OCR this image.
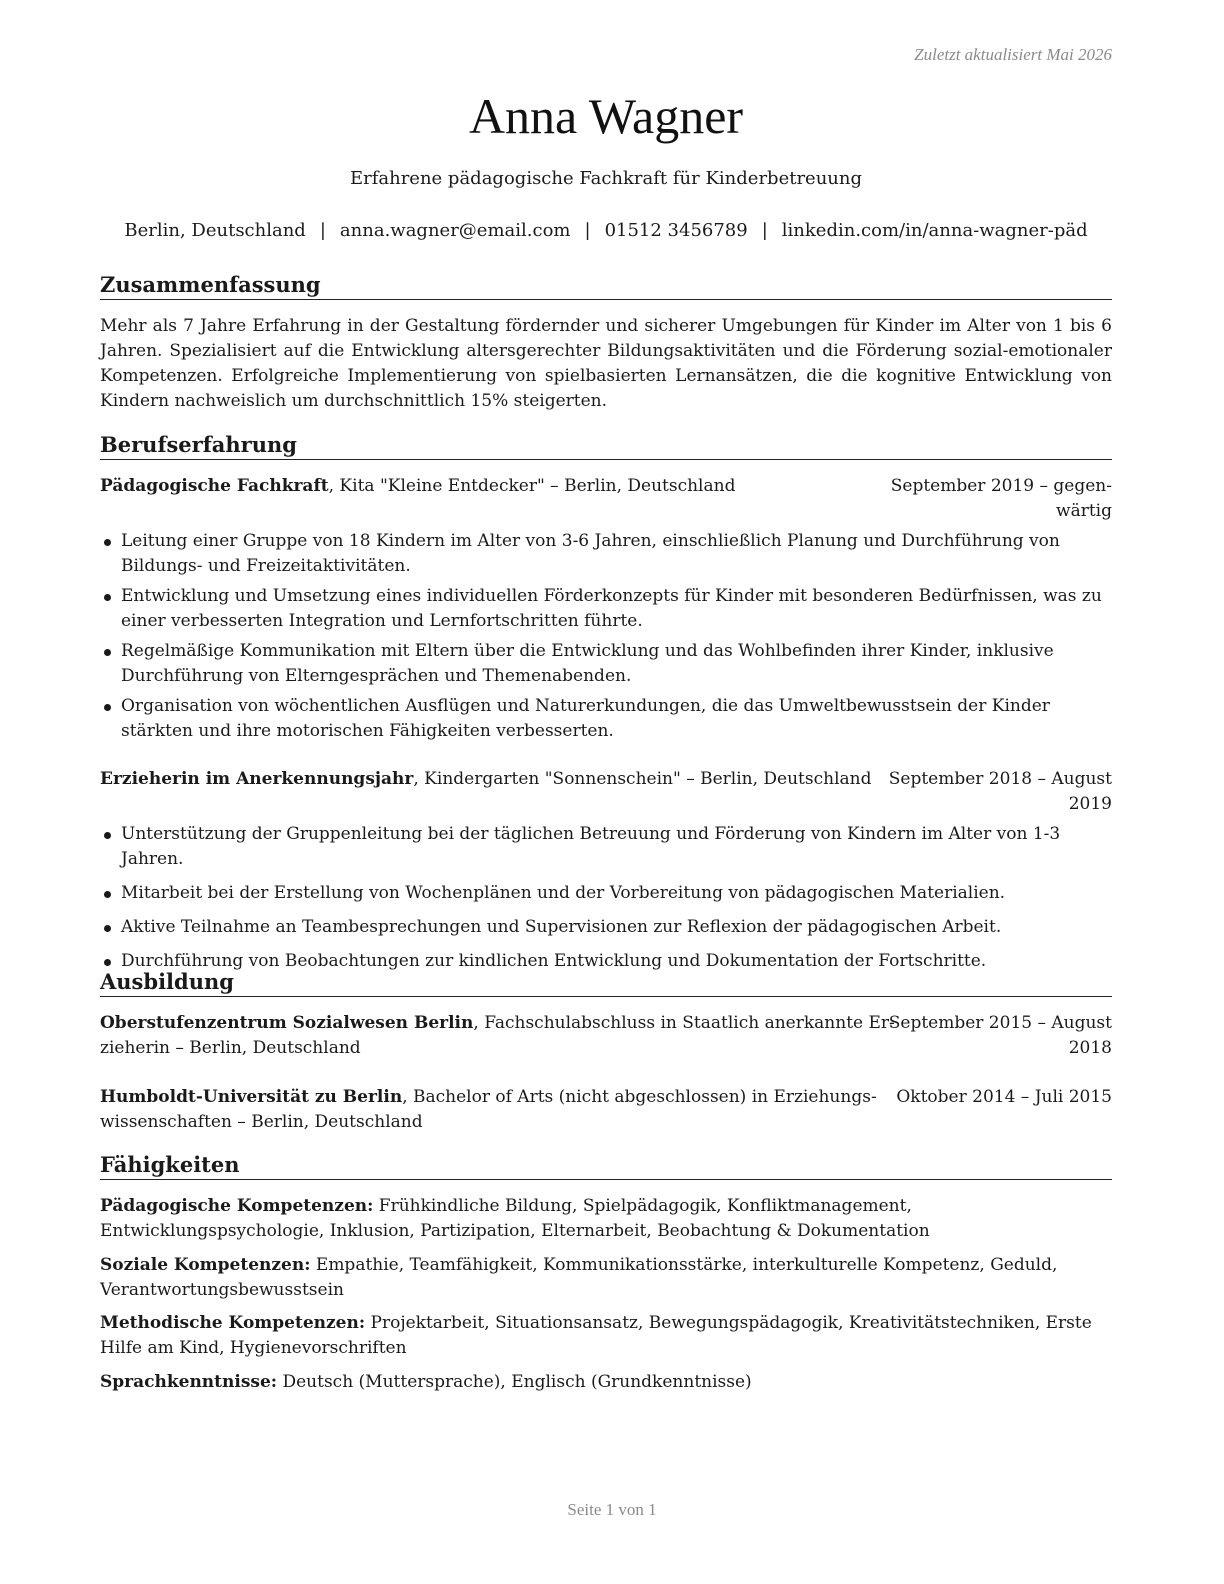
Zuletzt aktualisiert Mai 2026
Anna Wagner
Erfahrene pädagogische Fachkraft für Kinderbetreuung
Berlin, Deutschland | anna.wagner@email.com | 01512 3456789 | linkedin.com/in/anna-wagner-päd
Zusammenfassung
Mehr als 7 Jahre Erfahrung in der Gestaltung fördernder und sicherer Umgebungen für Kinder im Alter von 1 bis 6 Jahren. Spezialisiert auf die Entwicklung altersgerechter Bildungsaktivitäten und die Förderung sozial-emotionaler Kompetenzen. Erfolgreiche Implementierung von spielbasierten Lernansätzen, die die kognitive Entwicklung von Kindern nachweislich um durchschnittlich 15% steigerten.
Berufserfahrung
Pädagogische Fachkraft, Kita "Kleine Entdecker" – Berlin, Deutschland	September 2019 – gegen-
wärtig
Leitung einer Gruppe von 18 Kindern im Alter von 3-6 Jahren, einschließlich Planung und Durchführung von Bildungs- und Freizeitaktivitäten.
Entwicklung und Umsetzung eines individuellen Förderkonzepts für Kinder mit besonderen Bedürfnissen, was zu einer verbesserten Integration und Lernfortschritten führte.
Regelmäßige Kommunikation mit Eltern über die Entwicklung und das Wohlbefinden ihrer Kinder, inklusive Durchführung von Elterngesprächen und Themenabenden.
Organisation von wöchentlichen Ausflügen und Naturerkundungen, die das Umweltbewusstsein der Kinder stärkten und ihre motorischen Fähigkeiten verbesserten.
Erzieherin im Anerkennungsjahr, Kindergarten "Sonnenschein" – Berlin, Deutschland September 2018 – August
2019
Unterstützung der Gruppenleitung bei der täglichen Betreuung und Förderung von Kindern im Alter von 1-3 Jahren.
Mitarbeit bei der Erstellung von Wochenplänen und der Vorbereitung von pädagogischen Materialien.
Aktive Teilnahme an Teambesprechungen und Supervisionen zur Reflexion der pädagogischen Arbeit.
Durchführung von Beobachtungen zur kindlichen Entwicklung und Dokumentation der Fortschritte.
Ausbildung
Oberstufenzentrum Sozialwesen Berlin, Fachschulabschluss in Staatlich anerkannte Er-
zieherin – Berlin, Deutschland
September 2015 – August
2018
Humboldt-Universität zu Berlin, Bachelor of Arts (nicht abgeschlossen) in Erziehungs-
wissenschaften – Berlin, Deutschland
Oktober 2014 – Juli 2015
Fähigkeiten
Pädagogische Kompetenzen: Frühkindliche Bildung, Spielpädagogik, Konfliktmanagement, Entwicklungspsychologie, Inklusion, Partizipation, Elternarbeit, Beobachtung & Dokumentation
Soziale Kompetenzen: Empathie, Teamfähigkeit, Kommunikationsstärke, interkulturelle Kompetenz, Geduld, Verantwortungsbewusstsein
Methodische Kompetenzen: Projektarbeit, Situationsansatz, Bewegungspädagogik, Kreativitätstechniken, Erste Hilfe am Kind, Hygienevorschriften
Sprachkenntnisse: Deutsch (Muttersprache), Englisch (Grundkenntnisse)
Seite 1 von 1
